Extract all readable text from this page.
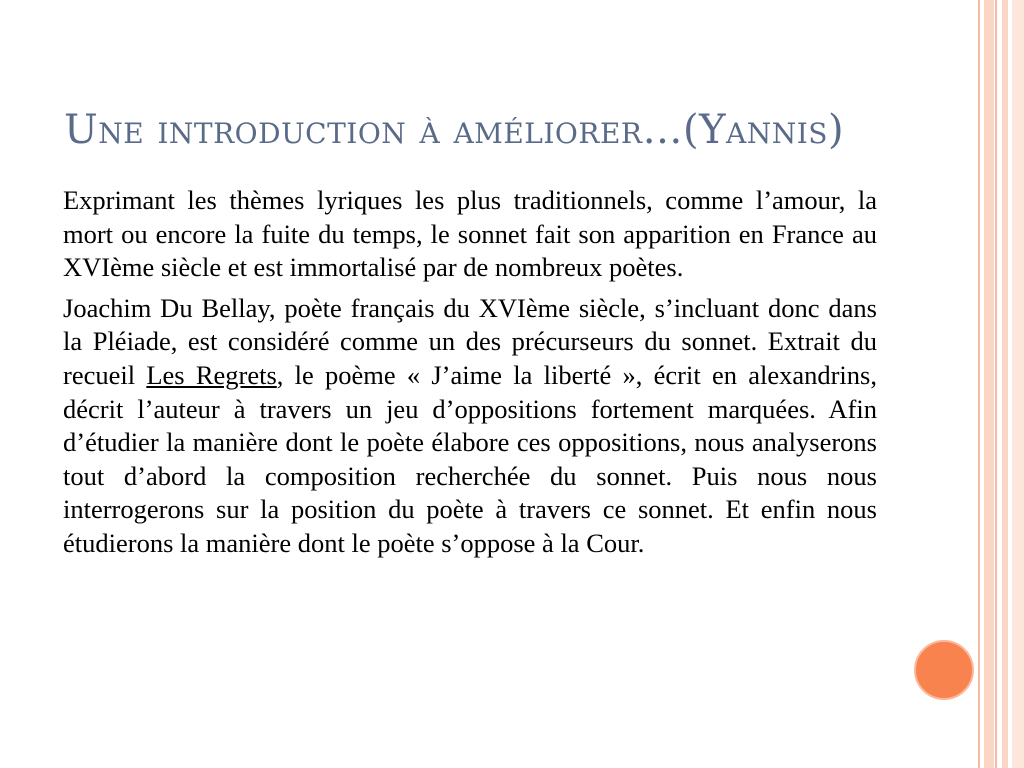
Une introduction à améliorer…(Yannis)

Exprimant les thèmes lyriques les plus traditionnels, comme l’amour, la mort ou encore la fuite du temps, le sonnet fait son apparition en France au XVIème siècle et est immortalisé par de nombreux poètes.

Joachim Du Bellay, poète français du XVIème siècle, s’incluant donc dans la Pléiade, est considéré comme un des précurseurs du sonnet. Extrait du recueil Les Regrets, le poème « J’aime la liberté », écrit en alexandrins, décrit l’auteur à travers un jeu d’oppositions fortement marquées. Afin d’étudier la manière dont le poète élabore ces oppositions, nous analyserons tout d’abord la composition recherchée du sonnet. Puis nous nous interrogerons sur la position du poète à travers ce sonnet. Et enfin nous étudierons la manière dont le poète s’oppose à la Cour.
